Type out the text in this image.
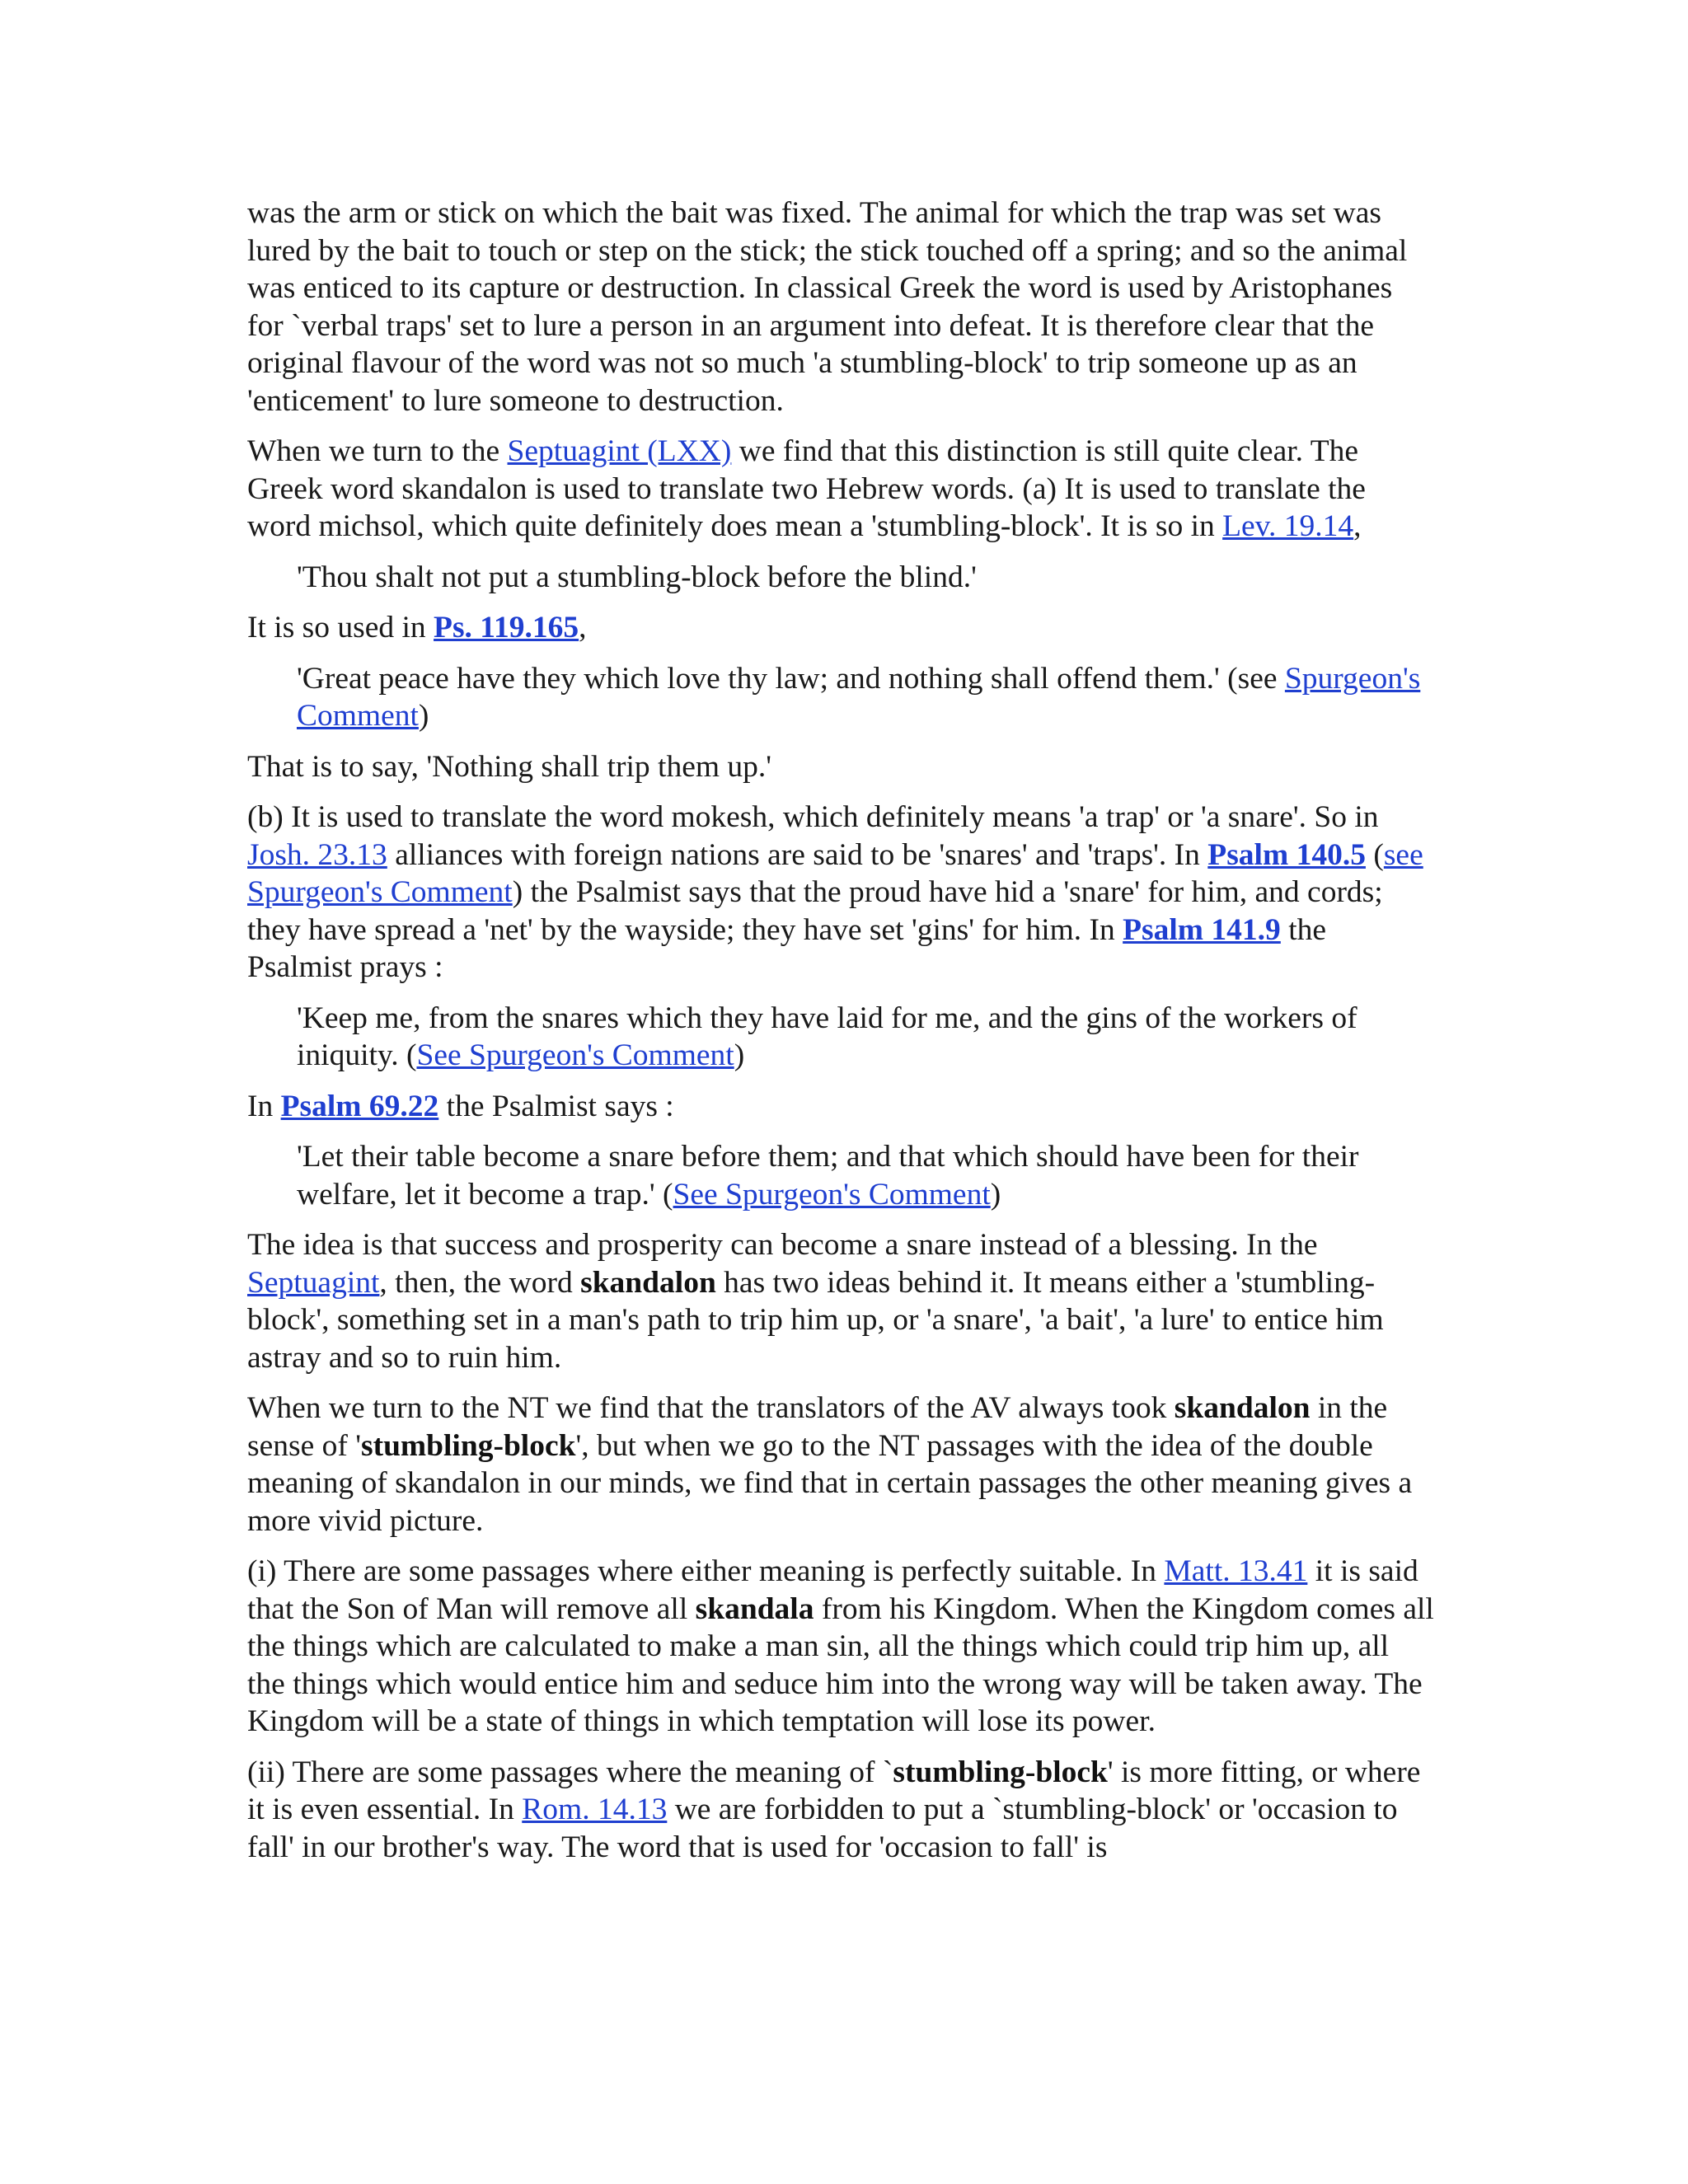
was the arm or stick on which the bait was fixed. The animal for which the trap was set was lured by the bait to touch or step on the stick; the stick touched off a spring; and so the animal was enticed to its capture or destruction. In classical Greek the word is used by Aristophanes for `verbal traps' set to lure a person in an argument into defeat. It is therefore clear that the original flavour of the word was not so much 'a stumbling-block' to trip someone up as an 'enticement' to lure someone to destruction.

When we turn to the Septuagint (LXX) we find that this distinction is still quite clear. The Greek word skandalon is used to translate two Hebrew words. (a) It is used to translate the word michsol, which quite definitely does mean a 'stumbling-block'. It is so in Lev. 19.14,

'Thou shalt not put a stumbling-block before the blind.'

It is so used in Ps. 119.165,

'Great peace have they which love thy law; and nothing shall offend them.' (see Spurgeon's Comment)

That is to say, 'Nothing shall trip them up.'

(b) It is used to translate the word mokesh, which definitely means 'a trap' or 'a snare'. So in Josh. 23.13 alliances with foreign nations are said to be 'snares' and 'traps'. In Psalm 140.5 (see Spurgeon's Comment) the Psalmist says that the proud have hid a 'snare' for him, and cords; they have spread a 'net' by the wayside; they have set 'gins' for him. In Psalm 141.9 the Psalmist prays :

'Keep me, from the snares which they have laid for me, and the gins of the workers of iniquity. (See Spurgeon's Comment)

In Psalm 69.22 the Psalmist says :

'Let their table become a snare before them; and that which should have been for their welfare, let it become a trap.' (See Spurgeon's Comment)

The idea is that success and prosperity can become a snare instead of a blessing. In the Septuagint, then, the word skandalon has two ideas behind it. It means either a 'stumbling-block', something set in a man's path to trip him up, or 'a snare', 'a bait', 'a lure' to entice him astray and so to ruin him.

When we turn to the NT we find that the translators of the AV always took skandalon in the sense of 'stumbling-block', but when we go to the NT passages with the idea of the double meaning of skandalon in our minds, we find that in certain passages the other meaning gives a more vivid picture.

(i) There are some passages where either meaning is perfectly suitable. In Matt. 13.41 it is said that the Son of Man will remove all skandala from his Kingdom. When the Kingdom comes all the things which are calculated to make a man sin, all the things which could trip him up, all the things which would entice him and seduce him into the wrong way will be taken away. The Kingdom will be a state of things in which temptation will lose its power.

(ii) There are some passages where the meaning of `stumbling-block' is more fitting, or where it is even essential. In Rom. 14.13 we are forbidden to put a `stumbling-block' or 'occasion to fall' in our brother's way. The word that is used for 'occasion to fall' is
